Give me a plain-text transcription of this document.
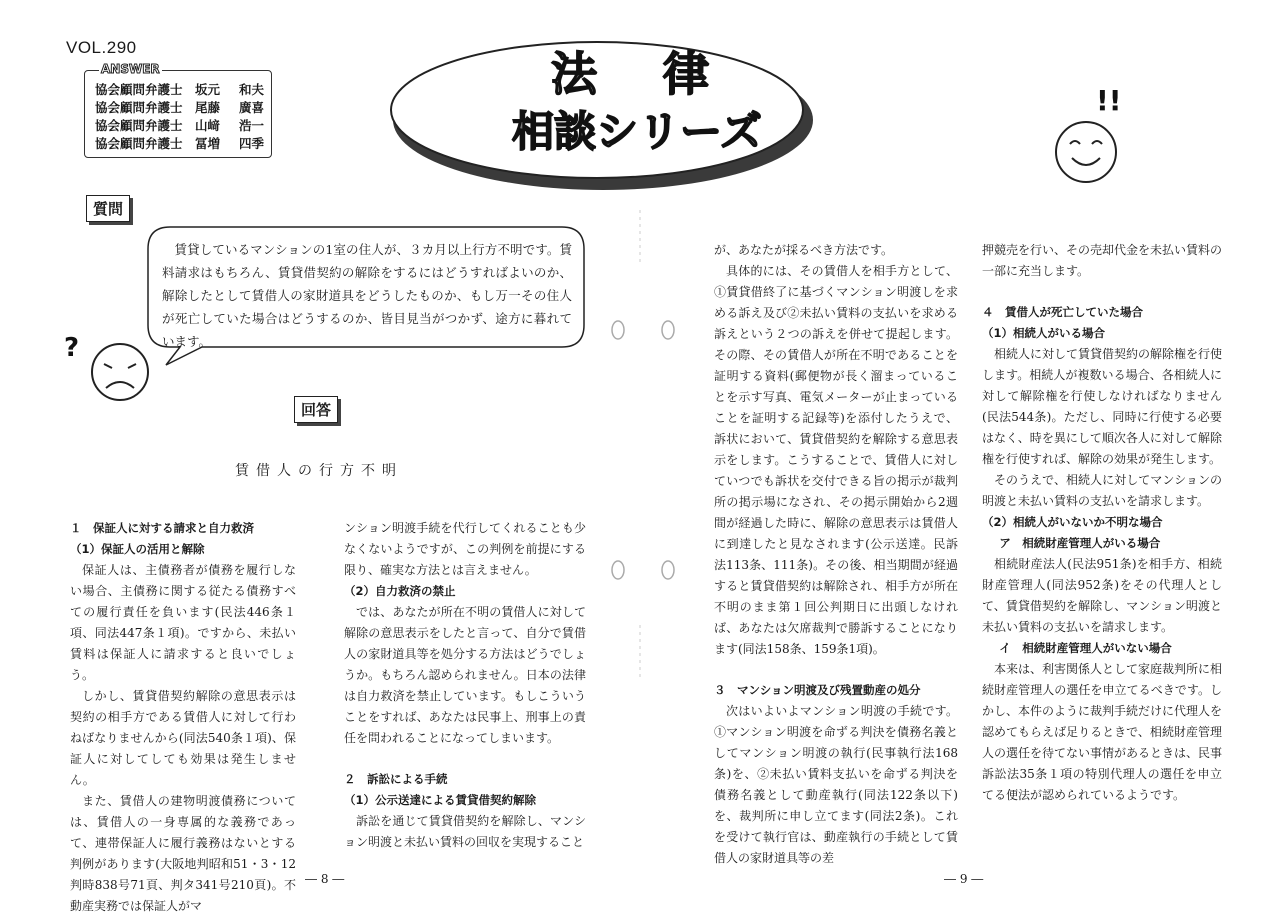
VOL.290
ANSWER
協会顧問弁護士 坂元 和夫
協会顧問弁護士 尾藤 廣喜
協会顧問弁護士 山﨑 浩一
協会顧問弁護士 冨増 四季
法　律
相談シリーズ
!!
質問
賃貸しているマンションの1室の住人が、３カ月以上行方不明です。賃料請求はもちろん、賃貸借契約の解除をするにはどうすればよいのか、解除したとして賃借人の家財道具をどうしたものか、もし万一その住人が死亡していた場合はどうするのか、皆目見当がつかず、途方に暮れています。
?
回答
賃借人の行方不明

１　保証人に対する請求と自力救済

（1）保証人の活用と解除

保証人は、主債務者が債務を履行しない場合、主債務に関する従たる債務すべての履行責任を負います(民法446条１項、同法447条１項)。ですから、未払い賃料は保証人に請求すると良いでしょう。

しかし、賃貸借契約解除の意思表示は契約の相手方である賃借人に対して行わねばなりませんから(同法540条１項)、保証人に対してしても効果は発生しません。

また、賃借人の建物明渡債務については、賃借人の一身専属的な義務であって、連帯保証人に履行義務はないとする判例があります(大阪地判昭和51・3・12判時838号71頁、判タ341号210頁)。不動産実務では保証人がマ

ンション明渡手続を代行してくれることも少なくないようですが、この判例を前提にする限り、確実な方法とは言えません。

（2）自力救済の禁止

では、あなたが所在不明の賃借人に対して解除の意思表示をしたと言って、自分で賃借人の家財道具等を処分する方法はどうでしょうか。もちろん認められません。日本の法律は自力救済を禁止しています。もしこういうことをすれば、あなたは民事上、刑事上の責任を問われることになってしまいます。

２　訴訟による手続

（1）公示送達による賃貸借契約解除

訴訟を通じて賃貸借契約を解除し、マンション明渡と未払い賃料の回収を実現すること

が、あなたが採るべき方法です。

具体的には、その賃借人を相手方として、①賃貸借終了に基づくマンション明渡しを求める訴え及び②未払い賃料の支払いを求める訴えという２つの訴えを併せて提起します。その際、その賃借人が所在不明であることを証明する資料(郵便物が長く溜まっていることを示す写真、電気メーターが止まっていることを証明する記録等)を添付したうえで、訴状において、賃貸借契約を解除する意思表示をします。こうすることで、賃借人に対していつでも訴状を交付できる旨の掲示が裁判所の掲示場になされ、その掲示開始から2週間が経過した時に、解除の意思表示は賃借人に到達したと見なされます(公示送達。民訴法113条、111条)。その後、相当期間が経過すると賃貸借契約は解除され、相手方が所在不明のまま第１回公判期日に出頭しなければ、あなたは欠席裁判で勝訴することになります(同法158条、159条1項)。

３　マンション明渡及び残置動産の処分

次はいよいよマンション明渡の手続です。①マンション明渡を命ずる判決を債務名義としてマンション明渡の執行(民事執行法168条)を、②未払い賃料支払いを命ずる判決を債務名義として動産執行(同法122条以下)を、裁判所に申し立てます(同法2条)。これを受けて執行官は、動産執行の手続として賃借人の家財道具等の差

押競売を行い、その売却代金を未払い賃料の一部に充当します。

４　賃借人が死亡していた場合

（1）相続人がいる場合

相続人に対して賃貸借契約の解除権を行使します。相続人が複数いる場合、各相続人に対して解除権を行使しなければなりません(民法544条)。ただし、同時に行使する必要はなく、時を異にして順次各人に対して解除権を行使すれば、解除の効果が発生します。

そのうえで、相続人に対してマンションの明渡と未払い賃料の支払いを請求します。

（2）相続人がいないか不明な場合

ア　相続財産管理人がいる場合

相続財産法人(民法951条)を相手方、相続財産管理人(同法952条)をその代理人として、賃貸借契約を解除し、マンション明渡と未払い賃料の支払いを請求します。

イ　相続財産管理人がいない場合

本来は、利害関係人として家庭裁判所に相続財産管理人の選任を申立てるべきです。しかし、本件のように裁判手続だけに代理人を認めてもらえば足りるときで、相続財産管理人の選任を待てない事情があるときは、民事訴訟法35条１項の特別代理人の選任を申立てる便法が認められているようです。

― 8 ―	― 9 ―
